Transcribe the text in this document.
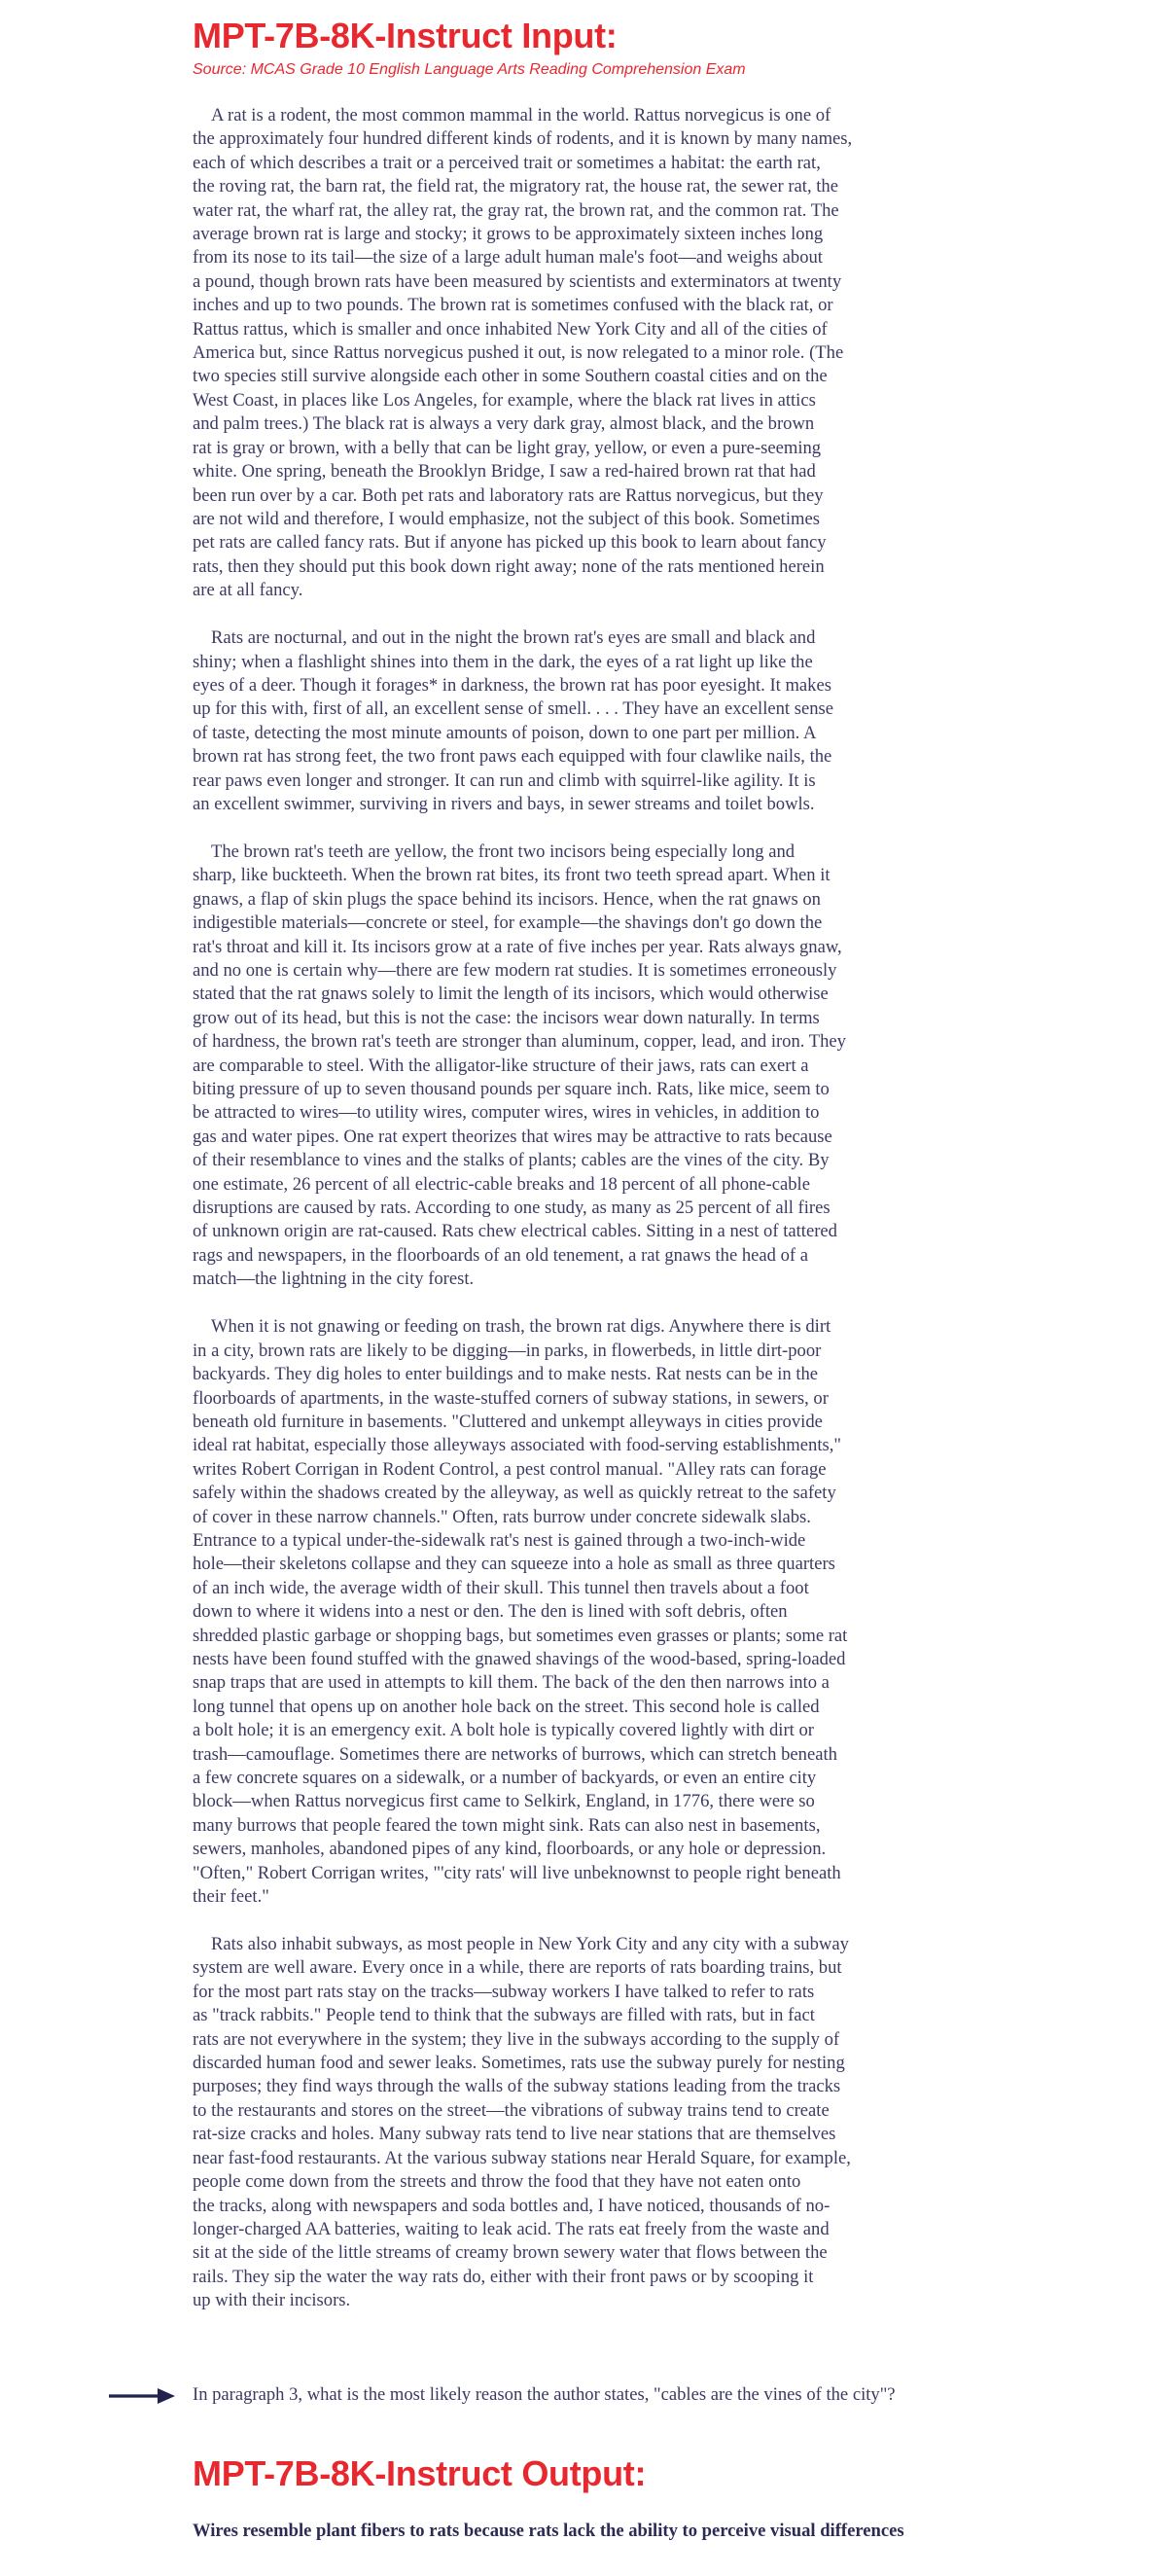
MPT-7B-8K-Instruct Input:

Source: MCAS Grade 10 English Language Arts Reading Comprehension Exam

A rat is a rodent, the most common mammal in the world. Rattus norvegicus is one of
the approximately four hundred different kinds of rodents, and it is known by many names,
each of which describes a trait or a perceived trait or sometimes a habitat: the earth rat,
the roving rat, the barn rat, the field rat, the migratory rat, the house rat, the sewer rat, the
water rat, the wharf rat, the alley rat, the gray rat, the brown rat, and the common rat. The
average brown rat is large and stocky; it grows to be approximately sixteen inches long
from its nose to its tail—the size of a large adult human male's foot—and weighs about
a pound, though brown rats have been measured by scientists and exterminators at twenty
inches and up to two pounds. The brown rat is sometimes confused with the black rat, or
Rattus rattus, which is smaller and once inhabited New York City and all of the cities of
America but, since Rattus norvegicus pushed it out, is now relegated to a minor role. (The
two species still survive alongside each other in some Southern coastal cities and on the
West Coast, in places like Los Angeles, for example, where the black rat lives in attics
and palm trees.) The black rat is always a very dark gray, almost black, and the brown
rat is gray or brown, with a belly that can be light gray, yellow, or even a pure-seeming
white. One spring, beneath the Brooklyn Bridge, I saw a red-haired brown rat that had
been run over by a car. Both pet rats and laboratory rats are Rattus norvegicus, but they
are not wild and therefore, I would emphasize, not the subject of this book. Sometimes
pet rats are called fancy rats. But if anyone has picked up this book to learn about fancy
rats, then they should put this book down right away; none of the rats mentioned herein
are at all fancy.

Rats are nocturnal, and out in the night the brown rat's eyes are small and black and
shiny; when a flashlight shines into them in the dark, the eyes of a rat light up like the
eyes of a deer. Though it forages* in darkness, the brown rat has poor eyesight. It makes
up for this with, first of all, an excellent sense of smell. . . . They have an excellent sense
of taste, detecting the most minute amounts of poison, down to one part per million. A
brown rat has strong feet, the two front paws each equipped with four clawlike nails, the
rear paws even longer and stronger. It can run and climb with squirrel-like agility. It is
an excellent swimmer, surviving in rivers and bays, in sewer streams and toilet bowls.

The brown rat's teeth are yellow, the front two incisors being especially long and
sharp, like buckteeth. When the brown rat bites, its front two teeth spread apart. When it
gnaws, a flap of skin plugs the space behind its incisors. Hence, when the rat gnaws on
indigestible materials—concrete or steel, for example—the shavings don't go down the
rat's throat and kill it. Its incisors grow at a rate of five inches per year. Rats always gnaw,
and no one is certain why—there are few modern rat studies. It is sometimes erroneously
stated that the rat gnaws solely to limit the length of its incisors, which would otherwise
grow out of its head, but this is not the case: the incisors wear down naturally. In terms
of hardness, the brown rat's teeth are stronger than aluminum, copper, lead, and iron. They
are comparable to steel. With the alligator-like structure of their jaws, rats can exert a
biting pressure of up to seven thousand pounds per square inch. Rats, like mice, seem to
be attracted to wires—to utility wires, computer wires, wires in vehicles, in addition to
gas and water pipes. One rat expert theorizes that wires may be attractive to rats because
of their resemblance to vines and the stalks of plants; cables are the vines of the city. By
one estimate, 26 percent of all electric-cable breaks and 18 percent of all phone-cable
disruptions are caused by rats. According to one study, as many as 25 percent of all fires
of unknown origin are rat-caused. Rats chew electrical cables. Sitting in a nest of tattered
rags and newspapers, in the floorboards of an old tenement, a rat gnaws the head of a
match—the lightning in the city forest.

When it is not gnawing or feeding on trash, the brown rat digs. Anywhere there is dirt
in a city, brown rats are likely to be digging—in parks, in flowerbeds, in little dirt-poor
backyards. They dig holes to enter buildings and to make nests. Rat nests can be in the
floorboards of apartments, in the waste-stuffed corners of subway stations, in sewers, or
beneath old furniture in basements. "Cluttered and unkempt alleyways in cities provide
ideal rat habitat, especially those alleyways associated with food-serving establishments,"
writes Robert Corrigan in Rodent Control, a pest control manual. "Alley rats can forage
safely within the shadows created by the alleyway, as well as quickly retreat to the safety
of cover in these narrow channels." Often, rats burrow under concrete sidewalk slabs.
Entrance to a typical under-the-sidewalk rat's nest is gained through a two-inch-wide
hole—their skeletons collapse and they can squeeze into a hole as small as three quarters
of an inch wide, the average width of their skull. This tunnel then travels about a foot
down to where it widens into a nest or den. The den is lined with soft debris, often
shredded plastic garbage or shopping bags, but sometimes even grasses or plants; some rat
nests have been found stuffed with the gnawed shavings of the wood-based, spring-loaded
snap traps that are used in attempts to kill them. The back of the den then narrows into a
long tunnel that opens up on another hole back on the street. This second hole is called
a bolt hole; it is an emergency exit. A bolt hole is typically covered lightly with dirt or
trash—camouflage. Sometimes there are networks of burrows, which can stretch beneath
a few concrete squares on a sidewalk, or a number of backyards, or even an entire city
block—when Rattus norvegicus first came to Selkirk, England, in 1776, there were so
many burrows that people feared the town might sink. Rats can also nest in basements,
sewers, manholes, abandoned pipes of any kind, floorboards, or any hole or depression.
"Often," Robert Corrigan writes, "'city rats' will live unbeknownst to people right beneath
their feet."

Rats also inhabit subways, as most people in New York City and any city with a subway
system are well aware. Every once in a while, there are reports of rats boarding trains, but
for the most part rats stay on the tracks—subway workers I have talked to refer to rats
as "track rabbits." People tend to think that the subways are filled with rats, but in fact
rats are not everywhere in the system; they live in the subways according to the supply of
discarded human food and sewer leaks. Sometimes, rats use the subway purely for nesting
purposes; they find ways through the walls of the subway stations leading from the tracks
to the restaurants and stores on the street—the vibrations of subway trains tend to create
rat-size cracks and holes. Many subway rats tend to live near stations that are themselves
near fast-food restaurants. At the various subway stations near Herald Square, for example,
people come down from the streets and throw the food that they have not eaten onto
the tracks, along with newspapers and soda bottles and, I have noticed, thousands of no-
longer-charged AA batteries, waiting to leak acid. The rats eat freely from the waste and
sit at the side of the little streams of creamy brown sewery water that flows between the
rails. They sip the water the way rats do, either with their front paws or by scooping it
up with their incisors.

In paragraph 3, what is the most likely reason the author states, "cables are the vines of the city"?

MPT-7B-8K-Instruct Output:

Wires resemble plant fibers to rats because rats lack the ability to perceive visual differences
